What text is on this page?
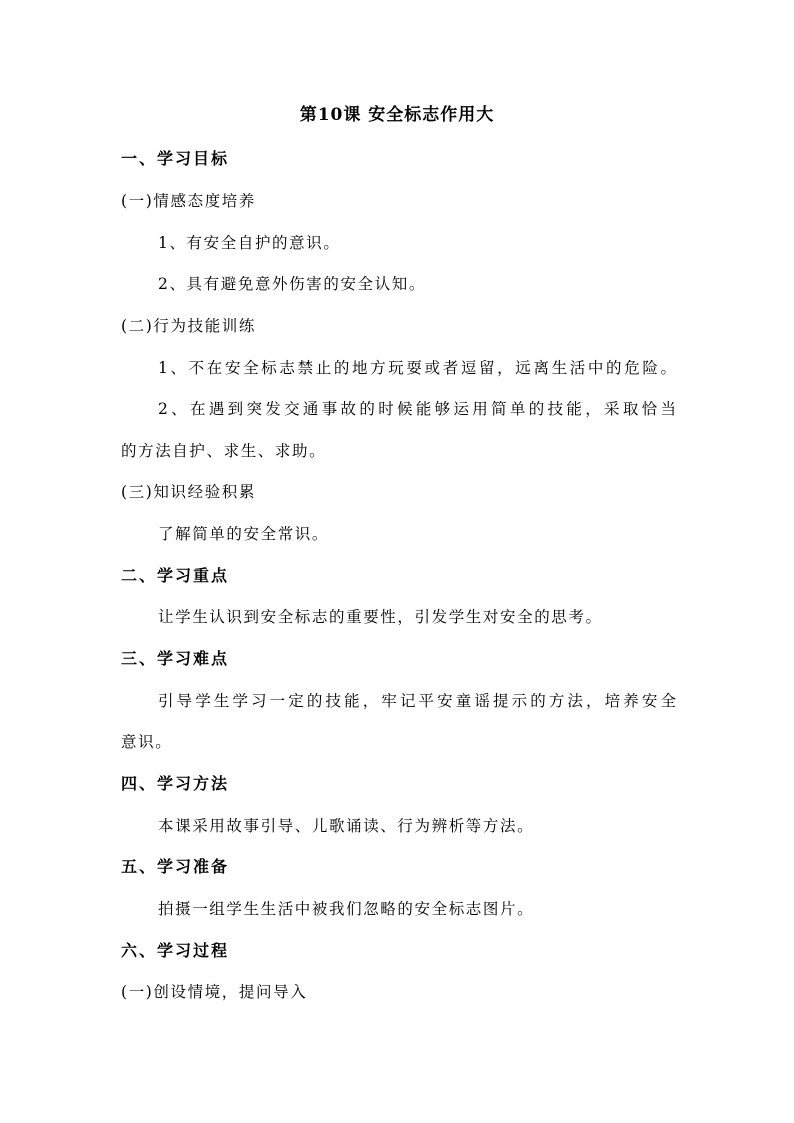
第10课 安全标志作用大
一、学习目标
(一)情感态度培养
1、有安全自护的意识。
2、具有避免意外伤害的安全认知。
(二)行为技能训练
1、不在安全标志禁止的地方玩耍或者逗留，远离生活中的危险。
2、在遇到突发交通事故的时候能够运用简单的技能，采取恰当
的方法自护、求生、求助。
(三)知识经验积累
了解简单的安全常识。
二、学习重点
让学生认识到安全标志的重要性，引发学生对安全的思考。
三、学习难点
引导学生学习一定的技能，牢记平安童谣提示的方法，培养安全
意识。
四、学习方法
本课采用故事引导、儿歌诵读、行为辨析等方法。
五、学习准备
拍摄一组学生生活中被我们忽略的安全标志图片。
六、学习过程
(一)创设情境，提问导入
